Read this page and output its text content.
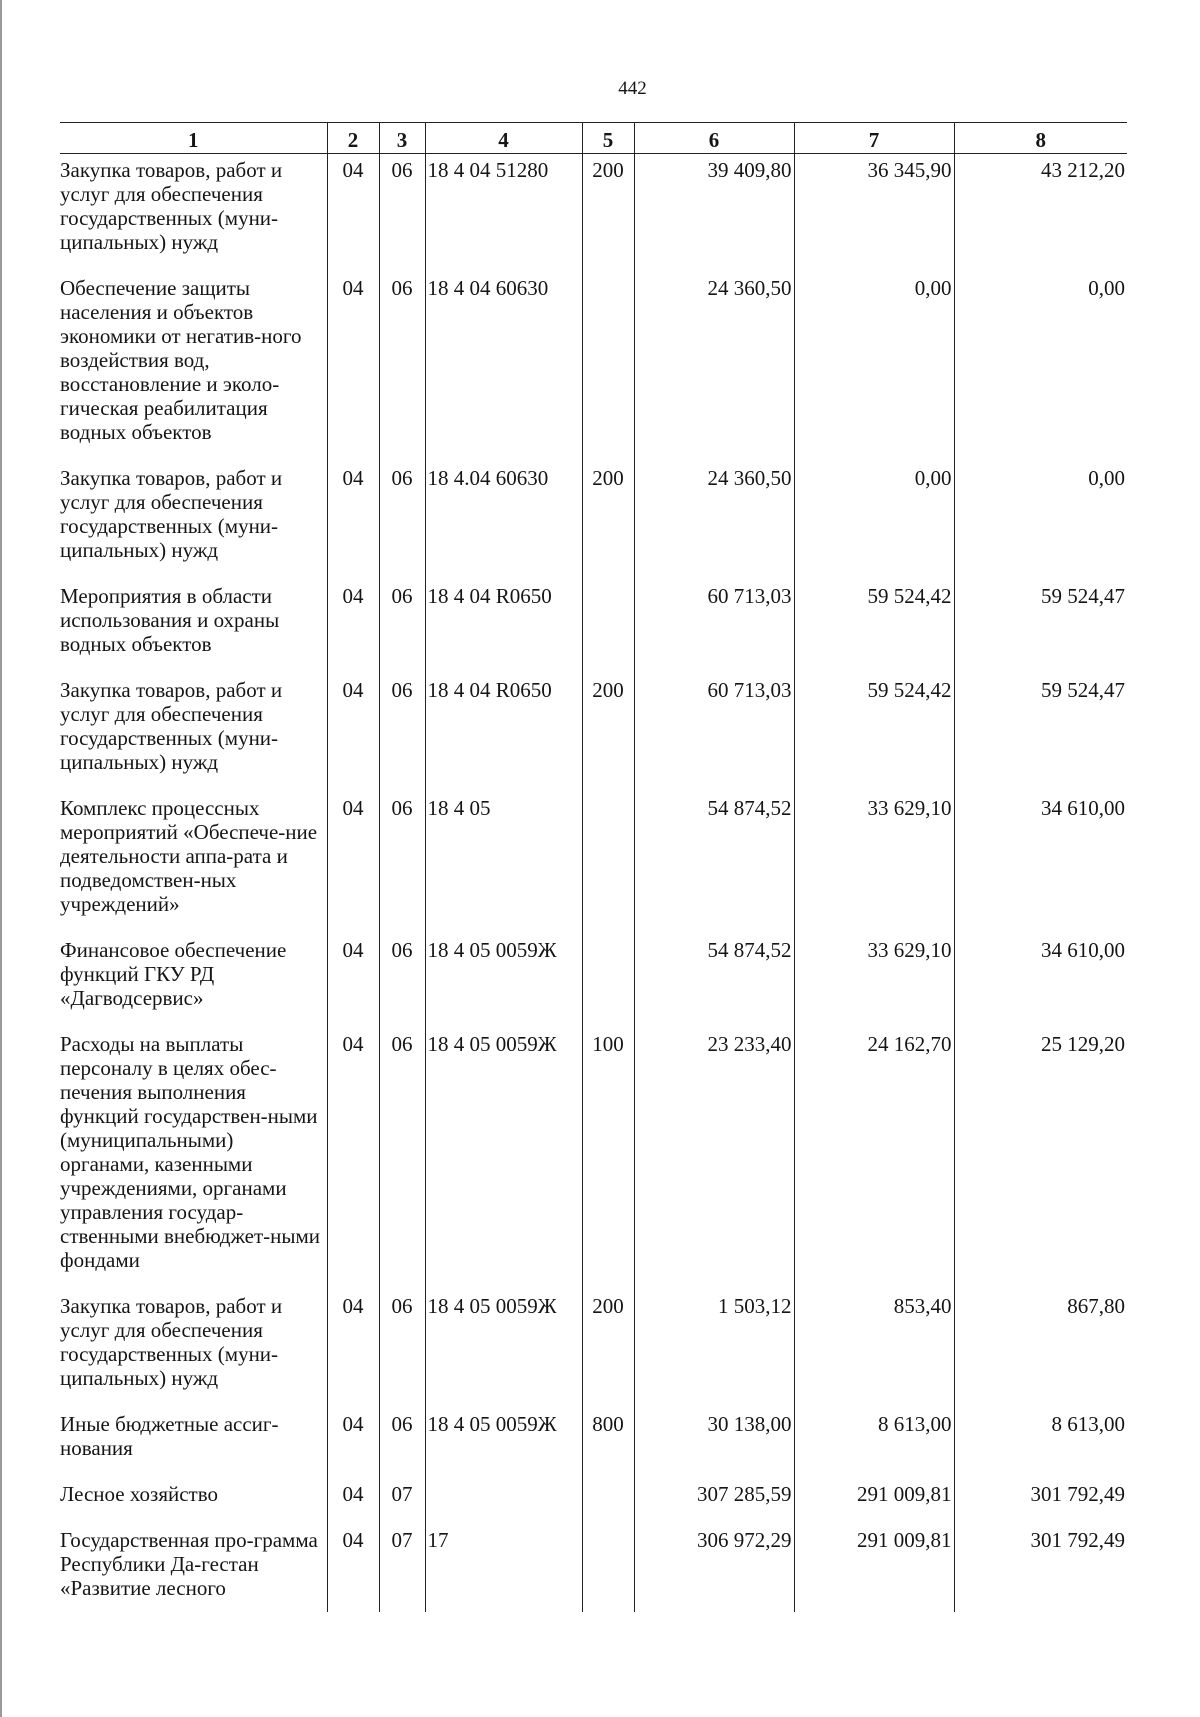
442
1	2	3	4	5	6	7	8
Закупка товаров, работ и услуг для обеспечения государственных (муни-ципальных) нужд	04	06	18 4 04 51280	200	39 409,80	36 345,90	43 212,20
Обеспечение защиты населения и объектов экономики от негатив-ного воздействия вод, восстановление и эколо-гическая реабилитация водных объектов	04	06	18 4 04 60630		24 360,50	0,00	0,00
Закупка товаров, работ и услуг для обеспечения государственных (муни-ципальных) нужд	04	06	18 4.04 60630	200	24 360,50	0,00	0,00
Мероприятия в области использования и охраны водных объектов	04	06	18 4 04 R0650		60 713,03	59 524,42	59 524,47
Закупка товаров, работ и услуг для обеспечения государственных (муни-ципальных) нужд	04	06	18 4 04 R0650	200	60 713,03	59 524,42	59 524,47
Комплекс процессных мероприятий «Обеспече-ние деятельности аппа-рата и подведомствен-ных учреждений»	04	06	18 4 05		54 874,52	33 629,10	34 610,00
Финансовое обеспечение функций ГКУ РД «Дагводсервис»	04	06	18 4 05 0059Ж		54 874,52	33 629,10	34 610,00
Расходы на выплаты персоналу в целях обес-печения выполнения функций государствен-ными (муниципальными) органами, казенными учреждениями, органами управления государ-ственными внебюджет-ными фондами	04	06	18 4 05 0059Ж	100	23 233,40	24 162,70	25 129,20
Закупка товаров, работ и услуг для обеспечения государственных (муни-ципальных) нужд	04	06	18 4 05 0059Ж	200	1 503,12	853,40	867,80
Иные бюджетные ассиг-нования	04	06	18 4 05 0059Ж	800	30 138,00	8 613,00	8 613,00
Лесное хозяйство	04	07			307 285,59	291 009,81	301 792,49
Государственная про-грамма Республики Да-гестан «Развитие лесного	04	07	17		306 972,29	291 009,81	301 792,49
